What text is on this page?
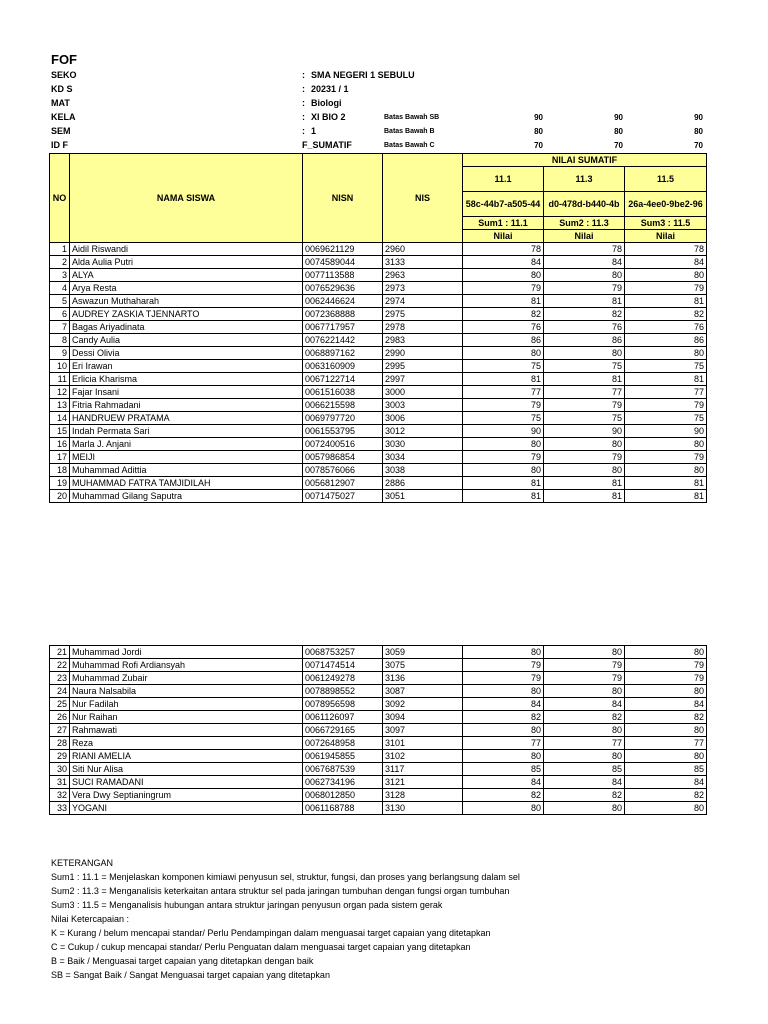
FOF
SEKO	: SMA NEGERI 1 SEBULU
KD S	: 20231 / 1
MAT	: Biologi
KELA	: XI BIO 2	Batas Bawah SB	90	90	90
SEM	: 1	Batas Bawah B	80	80	80
ID F	F_SUMATIF	Batas Bawah C	70	70	70
NO	NAMA SISWA	NISN	NIS	NILAI SUMATIF		
				11.1	11.3	11.5
				58c-44b7-a505-44	d0-478d-b440-4b	26a-4ee0-9be2-96
				Sum1 : 11.1	Sum2 : 11.3	Sum3 : 11.5
				Nilai	Nilai	Nilai
1	Aidil Riswandi	0069621129	2960	78	78	78
2	Alda Aulia Putri	0074589044	3133	84	84	84
3	ALYA	0077113588	2963	80	80	80
4	Arya Resta	0076529636	2973	79	79	79
5	Aswazun Muthaharah	0062446624	2974	81	81	81
6	AUDREY ZASKIA TJENNARTO	0072368888	2975	82	82	82
7	Bagas Ariyadinata	0067717957	2978	76	76	76
8	Candy Aulia	0076221442	2983	86	86	86
9	Dessi Olivia	0068897162	2990	80	80	80
10	Eri Irawan	0063160909	2995	75	75	75
11	Erlicia Kharisma	0067122714	2997	81	81	81
12	Fajar Insani	0061516038	3000	77	77	77
13	Fitria Rahmadani	0066215598	3003	79	79	79
14	HANDRUEW PRATAMA	0069797720	3006	75	75	75
15	Indah Permata Sari	0061553795	3012	90	90	90
16	Marla J. Anjani	0072400516	3030	80	80	80
17	MEIJI	0057986854	3034	79	79	79
18	Muhammad Adittia	0078576066	3038	80	80	80
19	MUHAMMAD FATRA TAMJIDILAH	0056812907	2886	81	81	81
20	Muhammad Gilang Saputra	0071475027	3051	81	81	81
21	Muhammad Jordi	0068753257	3059	80	80	80
22	Muhammad Rofi Ardiansyah	0071474514	3075	79	79	79
23	Muhammad Zubair	0061249278	3136	79	79	79
24	Naura Nalsabila	0078898552	3087	80	80	80
25	Nur Fadilah	0078956598	3092	84	84	84
26	Nur Raihan	0061126097	3094	82	82	82
27	Rahmawati	0066729165	3097	80	80	80
28	Reza	0072648958	3101	77	77	77
29	RIANI AMELIA	0061945855	3102	80	80	80
30	Siti Nur Alisa	0067687539	3117	85	85	85
31	SUCI RAMADANI	0062734196	3121	84	84	84
32	Vera Dwy Septianingrum	0068012850	3128	82	82	82
33	YOGANI	0061168788	3130	80	80	80
KETERANGAN
Sum1 : 11.1 = Menjelaskan komponen kimiawi penyusun sel, struktur, fungsi, dan proses yang berlangsung dalam sel
Sum2 : 11.3 = Menganalisis keterkaitan antara struktur sel pada jaringan tumbuhan dengan fungsi organ tumbuhan
Sum3 : 11.5 = Menganalisis hubungan antara struktur jaringan penyusun organ pada sistem gerak
Nilai Ketercapaian :
K = Kurang / belum mencapai standar/ Perlu Pendampingan dalam menguasai target capaian yang ditetapkan
C = Cukup / cukup mencapai standar/ Perlu Penguatan dalam menguasai target capaian yang ditetapkan
B = Baik / Menguasai target capaian yang ditetapkan dengan baik
SB = Sangat Baik / Sangat Menguasai target capaian yang ditetapkan
